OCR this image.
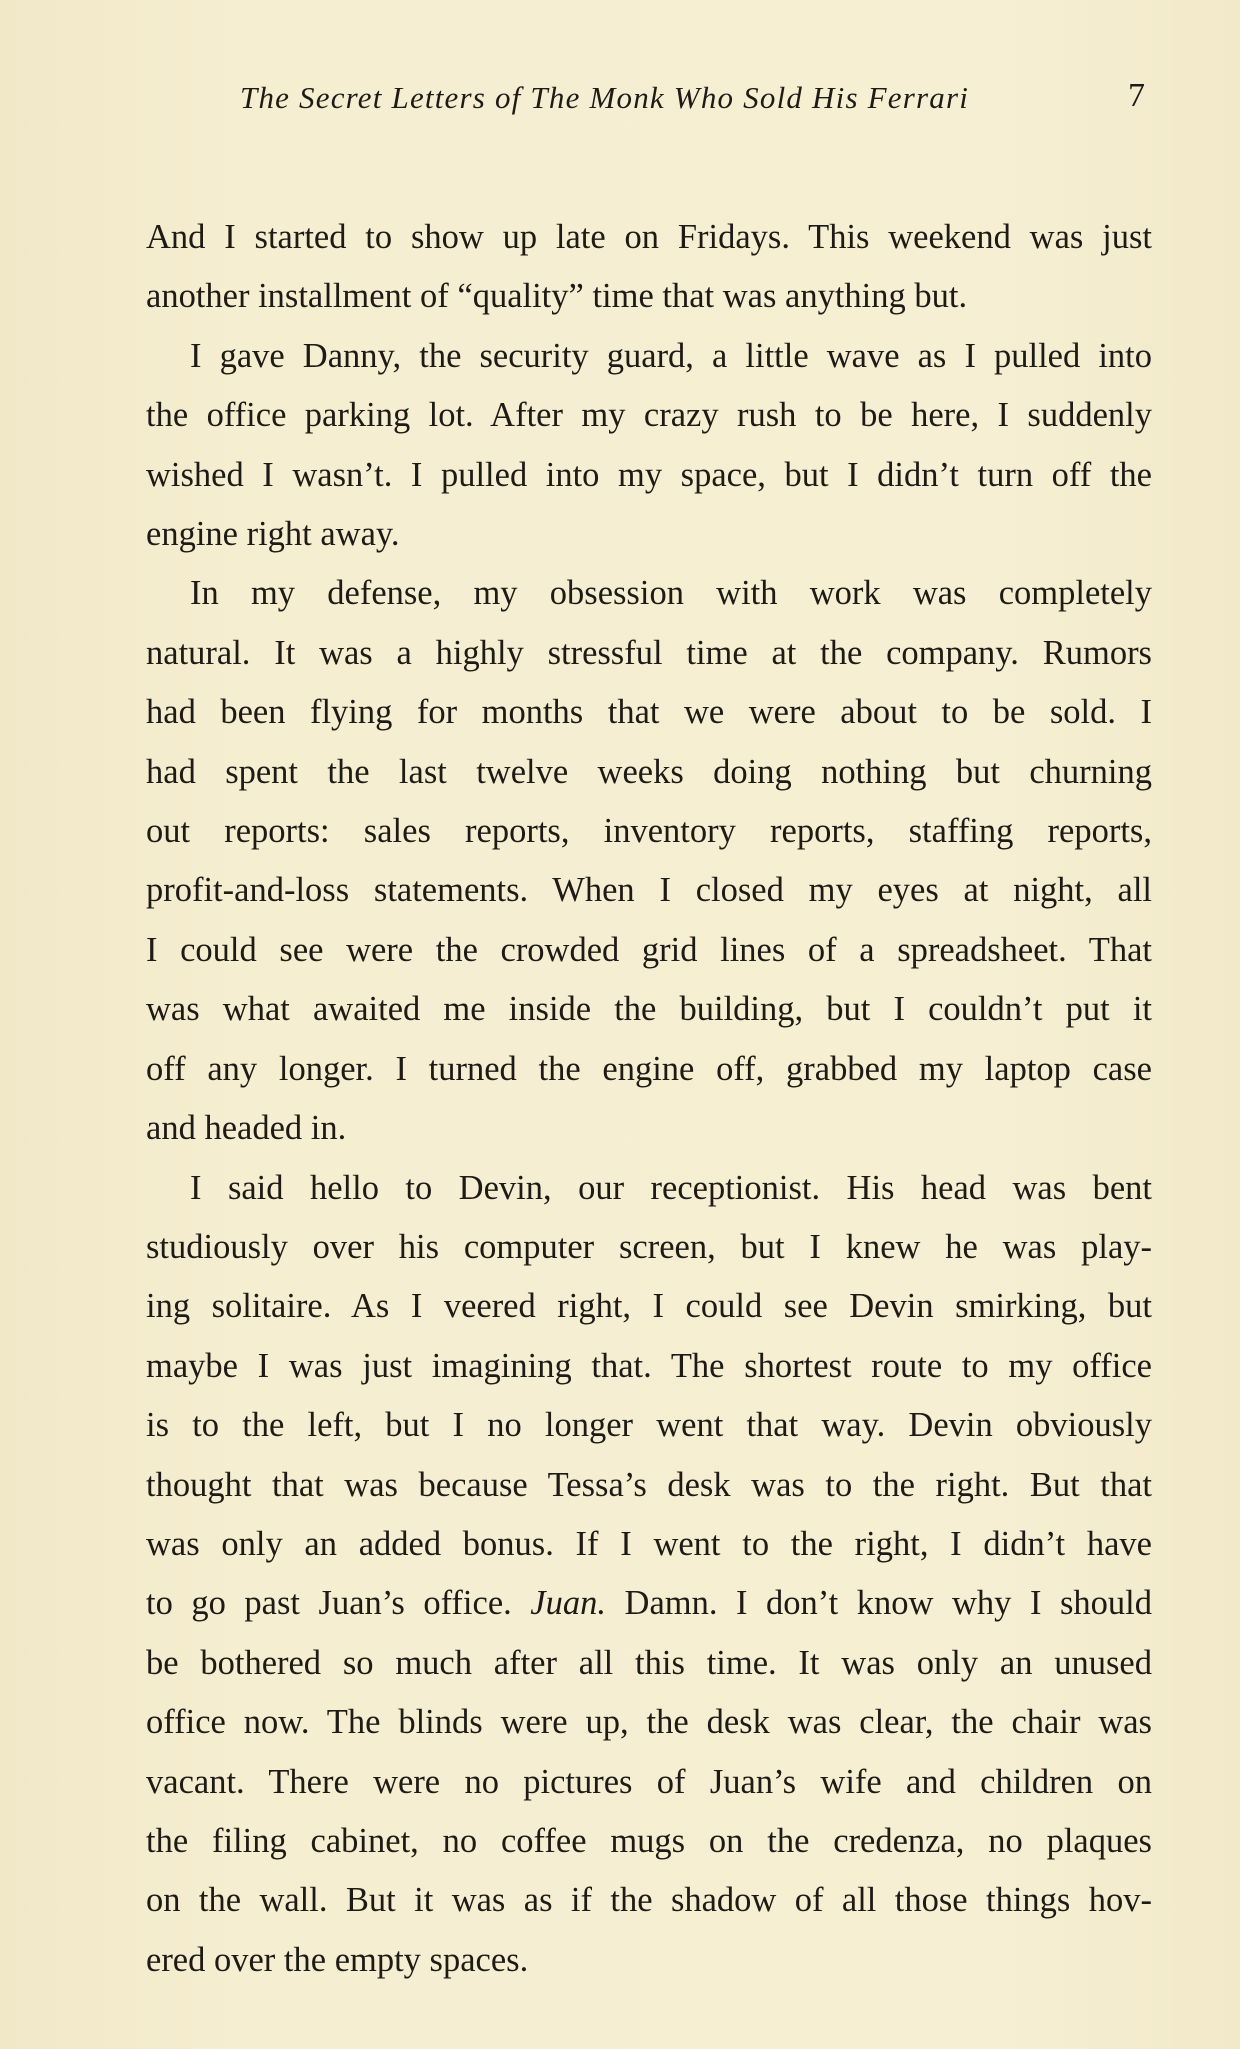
The Secret Letters of The Monk Who Sold His Ferrari	7

And I started to show up late on Fridays. This weekend was just
another installment of “quality” time that was anything but.

I gave Danny, the security guard, a little wave as I pulled into
the office parking lot. After my crazy rush to be here, I suddenly
wished I wasn’t. I pulled into my space, but I didn’t turn off the
engine right away.

In my defense, my obsession with work was completely
natural. It was a highly stressful time at the company. Rumors
had been flying for months that we were about to be sold. I
had spent the last twelve weeks doing nothing but churning
out reports: sales reports, inventory reports, staffing reports,
profit-and-loss statements. When I closed my eyes at night, all
I could see were the crowded grid lines of a spreadsheet. That
was what awaited me inside the building, but I couldn’t put it
off any longer. I turned the engine off, grabbed my laptop case
and headed in.

I said hello to Devin, our receptionist. His head was bent
studiously over his computer screen, but I knew he was play-
ing solitaire. As I veered right, I could see Devin smirking, but
maybe I was just imagining that. The shortest route to my office
is to the left, but I no longer went that way. Devin obviously
thought that was because Tessa’s desk was to the right. But that
was only an added bonus. If I went to the right, I didn’t have
to go past Juan’s office. Juan. Damn. I don’t know why I should
be bothered so much after all this time. It was only an unused
office now. The blinds were up, the desk was clear, the chair was
vacant. There were no pictures of Juan’s wife and children on
the filing cabinet, no coffee mugs on the credenza, no plaques
on the wall. But it was as if the shadow of all those things hov-
ered over the empty spaces.
